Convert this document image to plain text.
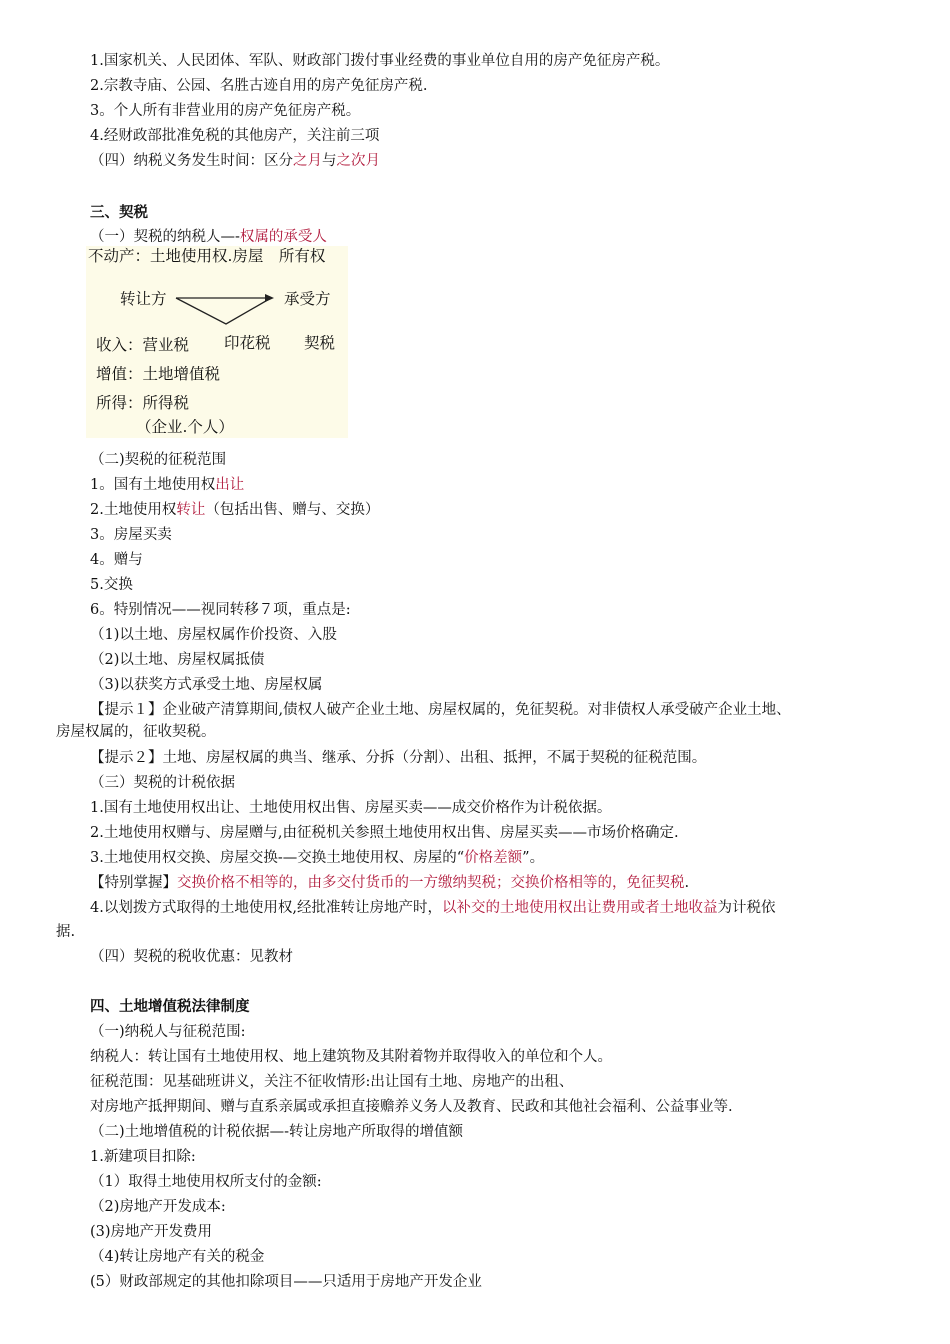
1.国家机关、人民团体、军队、财政部门拨付事业经费的事业单位自用的房产免征房产税。
2.宗教寺庙、公园、名胜古迹自用的房产免征房产税.
3。个人所有非营业用的房产免征房产税。
4.经财政部批准免税的其他房产，关注前三项
（四）纳税义务发生时间：区分之月与之次月
三、契税
（一）契税的纳税人—-权属的承受人
（二)契税的征税范围
1。国有土地使用权出让
2.土地使用权转让（包括出售、赠与、交换）
3。房屋买卖
4。赠与
5.交换
6。特别情况——视同转移７项，重点是:
（1)以土地、房屋权属作价投资、入股
（2)以土地、房屋权属抵债
（3)以获奖方式承受土地、房屋权属
【提示１】企业破产清算期间,债权人破产企业土地、房屋权属的，免征契税。对非债权人承受破产企业土地、
房屋权属的，征收契税。
【提示２】土地、房屋权属的典当、继承、分拆（分割）、出租、抵押，不属于契税的征税范围。
（三）契税的计税依据
1.国有土地使用权出让、土地使用权出售、房屋买卖——成交价格作为计税依据。
2.土地使用权赠与、房屋赠与,由征税机关参照土地使用权出售、房屋买卖——市场价格确定.
3.土地使用权交换、房屋交换-—交换土地使用权、房屋的“价格差额”。
【特别掌握】交换价格不相等的，由多交付货币的一方缴纳契税；交换价格相等的，免征契税.
4.以划拨方式取得的土地使用权,经批准转让房地产时，以补交的土地使用权出让费用或者土地收益为计税依
据.
（四）契税的税收优惠：见教材
四、土地增值税法律制度
（一)纳税人与征税范围:
纳税人：转让国有土地使用权、地上建筑物及其附着物并取得收入的单位和个人。
征税范围：见基础班讲义，关注不征收情形:出让国有土地、房地产的出租、
对房地产抵押期间、赠与直系亲属或承担直接赡养义务人及教育、民政和其他社会福利、公益事业等.
（二)土地增值税的计税依据—-转让房地产所取得的增值额
1.新建项目扣除:
（1）取得土地使用权所支付的金额:
（2)房地产开发成本:
(3)房地产开发费用
（4)转让房地产有关的税金
(5）财政部规定的其他扣除项目——只适用于房地产开发企业
不动产：土地使用权.房屋　所有权
转让方	承受方
收入：营业税 印花税 契税
增值：土地增值税
所得：所得税
（企业.个人）
